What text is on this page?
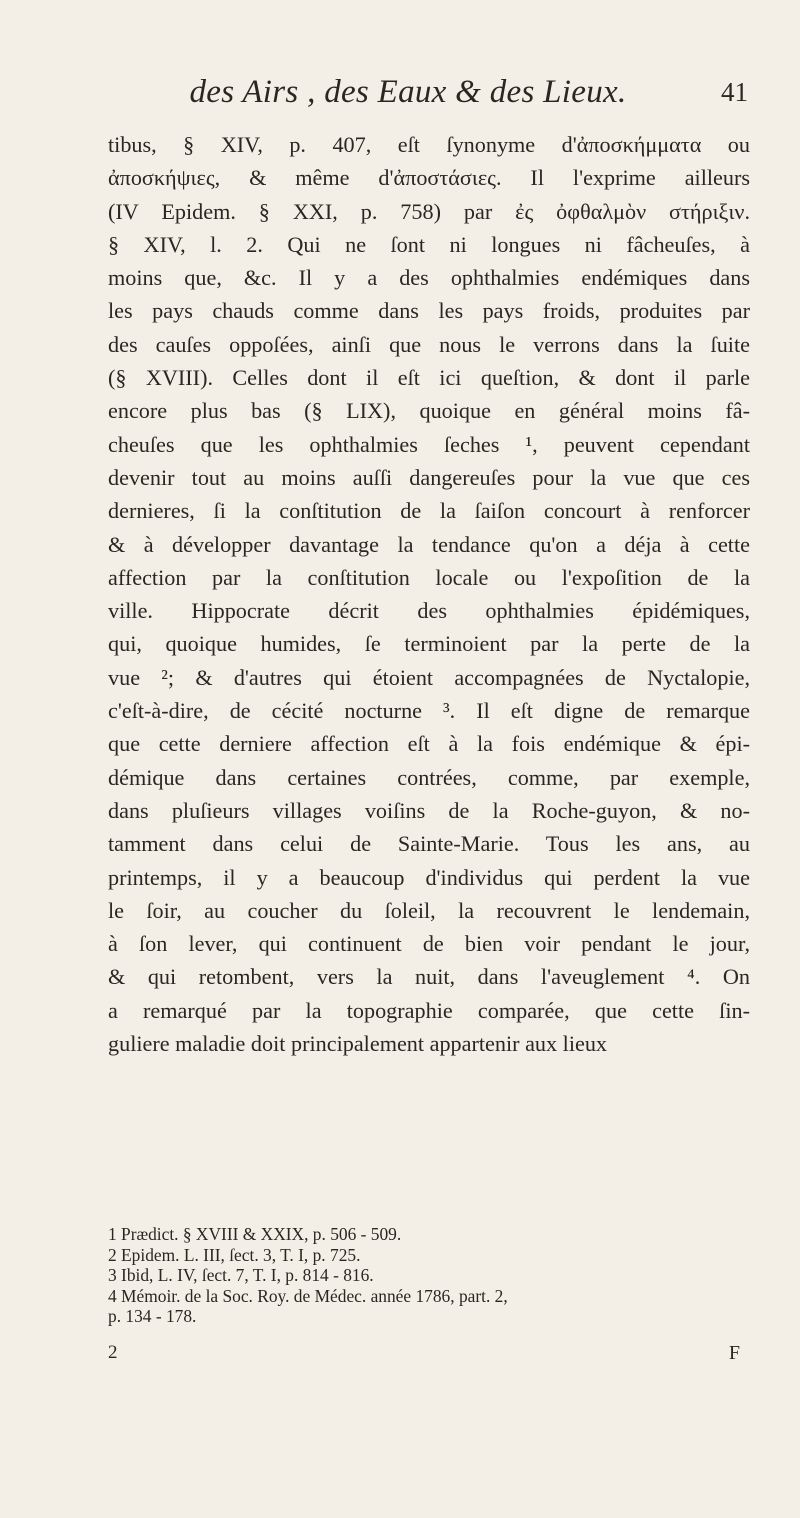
des Airs , des Eaux & des Lieux.	41
tibus, § XIV, p. 407, eſt ſynonyme d'ἀποσκήμματα ou
ἀποσκήψιες, & même d'ἀποστάσιες. Il l'exprime ailleurs
(IV Epidem. § XXI, p. 758) par ἐς ὀφθαλμὸν στήριξιν.
§ XIV, l. 2. Qui ne ſont ni longues ni fâcheuſes, à
moins que, &c. Il y a des ophthalmies endémiques dans
les pays chauds comme dans les pays froids, produites par
des cauſes oppoſées, ainſi que nous le verrons dans la ſuite
(§ XVIII). Celles dont il eſt ici queſtion, & dont il parle
encore plus bas (§ LIX), quoique en général moins fâ-
cheuſes que les ophthalmies ſeches ¹, peuvent cependant
devenir tout au moins auſſi dangereuſes pour la vue que ces
dernieres, ſi la conſtitution de la ſaiſon concourt à renforcer
& à développer davantage la tendance qu'on a déja à cette
affection par la conſtitution locale ou l'expoſition de la
ville. Hippocrate décrit des ophthalmies épidémiques,
qui, quoique humides, ſe terminoient par la perte de la
vue ²; & d'autres qui étoient accompagnées de Nyctalopie,
c'eſt-à-dire, de cécité nocturne ³. Il eſt digne de remarque
que cette derniere affection eſt à la fois endémique & épi-
démique dans certaines contrées, comme, par exemple,
dans pluſieurs villages voiſins de la Roche-guyon, & no-
tamment dans celui de Sainte-Marie. Tous les ans, au
printemps, il y a beaucoup d'individus qui perdent la vue
le ſoir, au coucher du ſoleil, la recouvrent le lendemain,
à ſon lever, qui continuent de bien voir pendant le jour,
& qui retombent, vers la nuit, dans l'aveuglement ⁴. On
a remarqué par la topographie comparée, que cette ſin-
guliere maladie doit principalement appartenir aux lieux
1 Prædict. § XVIII & XXIX, p. 506 - 509.
2 Epidem. L. III, ſect. 3, T. I, p. 725.
3 Ibid, L. IV, ſect. 7, T. I, p. 814 - 816.
4 Mémoir. de la Soc. Roy. de Médec. année 1786, part. 2,
p. 134 - 178.
2	F
